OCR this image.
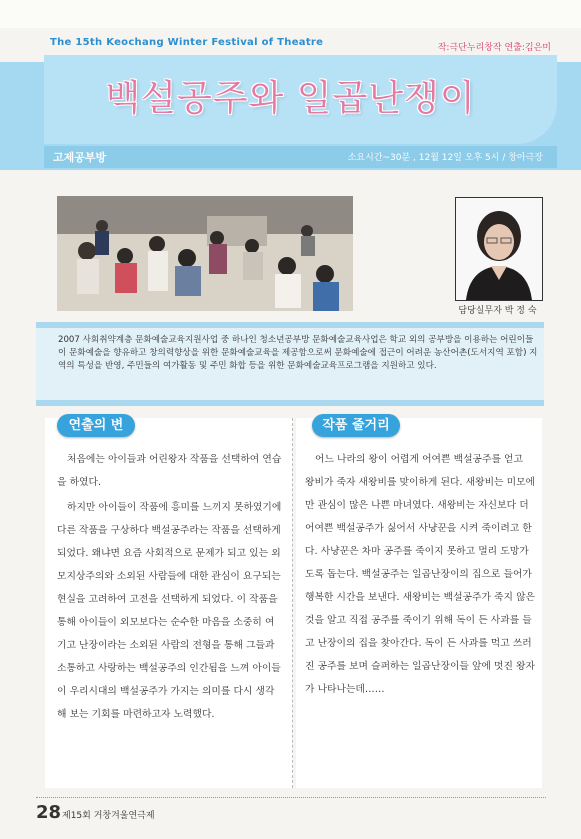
The 15th Keochang Winter Festival of Theatre	작:극단누리창작 연출:김은미
백설공주와 일곱난쟁이
고제공부방	소요시간~30분 , 12월 12일 오후 5시 / 창아극장
담당실무자 박 정 숙
2007 사회취약계층 문화예술교육지원사업 중 하나인 청소년공부방 문화예술교육사업은 학교 외의 공부방을 이용하는 어린이들이 문화예술을 향유하고 창의력향상을 위한 문화예술교육을 제공함으로써 문화예술에 접근이 어려운 농산어촌(도서지역 포함) 지역의 특성을 반영, 주민들의 여가활동 및 주민 화합 등을 위한 문화예술교육프로그램을 지원하고 있다.
연출의 변	작품 줄거리

처음에는 아이들과 어린왕자 작품을 선택하여 연습을 하였다.

하지만 아이들이 작품에 흥미를 느끼지 못하였기에 다른 작품을 구상하다 백설공주라는 작품을 선택하게 되었다. 왜냐면 요즘 사회적으로 문제가 되고 있는 외모지상주의와 소외된 사람들에 대한 관심이 요구되는 현실을 고려하여 고전을 선택하게 되었다. 이 작품을 통해 아이들이 외모보다는 순수한 마음을 소중히 여기고 난장이라는 소외된 사람의 전형을 통해 그들과 소통하고 사랑하는 백설공주의 인간됨을 느껴 아이들이 우리시대의 백설공주가 가지는 의미를 다시 생각해 보는 기회를 마련하고자 노력했다.

어느 나라의 왕이 어렵게 어여쁜 백설공주를 얻고 왕비가 죽자 새왕비를 맞이하게 된다. 새왕비는 미모에만 관심이 많은 나쁜 마녀였다. 새왕비는 자신보다 더 어여쁜 백설공주가 싫어서 사냥꾼을 시켜 죽이려고 한다. 사냥꾼은 차마 공주를 죽이지 못하고 멀리 도망가도록 돕는다. 백설공주는 일곱난장이의 집으로 들어가 행복한 시간을 보낸다. 새왕비는 백설공주가 죽지 않은 것을 알고 직접 공주를 죽이기 위해 독이 든 사과를 들고 난장이의 집을 찾아간다. 독이 든 사과를 먹고 쓰러진 공주를 보며 슬퍼하는 일곱난장이들 앞에 멋진 왕자가 나타나는데……

28 제15회 거창겨울연극제
